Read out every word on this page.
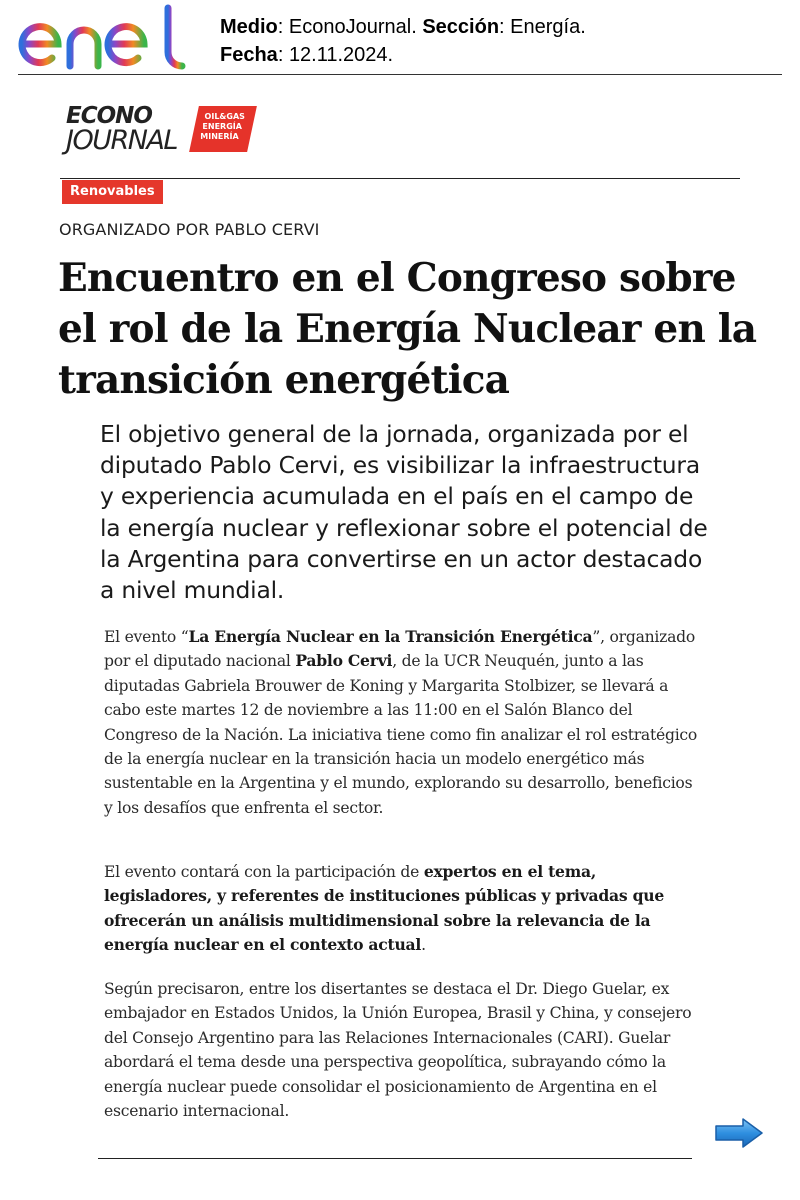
Medio: EconoJournal. Sección: Energía.
Fecha: 12.11.2024.
ECONO
JOURNAL
OIL&GAS
ENERGÍA
MINERÍA
Renovables
ORGANIZADO POR PABLO CERVI
Encuentro en el Congreso sobre el rol de la Energía Nuclear en la transición energética

El objetivo general de la jornada, organizada por el diputado Pablo Cervi, es visibilizar la infraestructura y experiencia acumulada en el país en el campo de la energía nuclear y reflexionar sobre el potencial de la Argentina para convertirse en un actor destacado a nivel mundial.

El evento “La Energía Nuclear en la Transición Energética”, organizado por el diputado nacional Pablo Cervi, de la UCR Neuquén, junto a las diputadas Gabriela Brouwer de Koning y Margarita Stolbizer, se llevará a cabo este martes 12 de noviembre a las 11:00 en el Salón Blanco del Congreso de la Nación. La iniciativa tiene como fin analizar el rol estratégico de la energía nuclear en la transición hacia un modelo energético más sustentable en la Argentina y el mundo, explorando su desarrollo, beneficios y los desafíos que enfrenta el sector.

El evento contará con la participación de expertos en el tema, legisladores, y referentes de instituciones públicas y privadas que ofrecerán un análisis multidimensional sobre la relevancia de la energía nuclear en el contexto actual.

Según precisaron, entre los disertantes se destaca el Dr. Diego Guelar, ex embajador en Estados Unidos, la Unión Europea, Brasil y China, y consejero del Consejo Argentino para las Relaciones Internacionales (CARI). Guelar abordará el tema desde una perspectiva geopolítica, subrayando cómo la energía nuclear puede consolidar el posicionamiento de Argentina en el escenario internacional.
